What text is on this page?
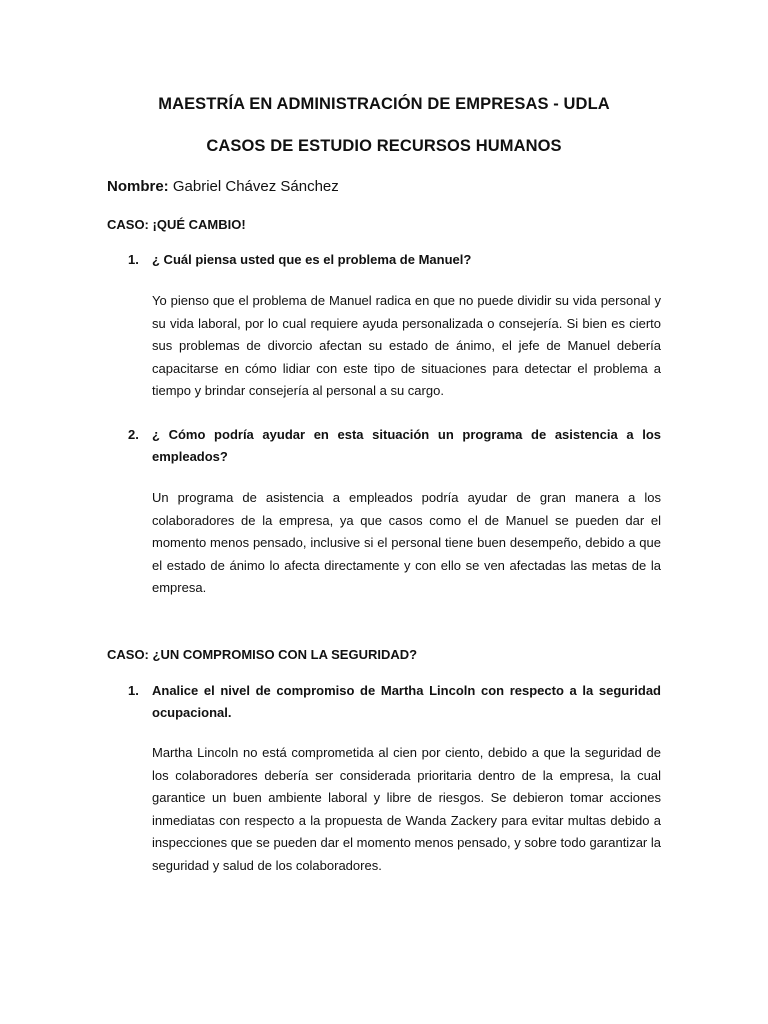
MAESTRÍA EN ADMINISTRACIÓN DE EMPRESAS - UDLA
CASOS DE ESTUDIO RECURSOS HUMANOS
Nombre: Gabriel Chávez Sánchez
CASO: ¡QUÉ CAMBIO!
1. ¿ Cuál piensa usted que es el problema de Manuel?
Yo pienso que el problema de Manuel radica en que no puede dividir su vida personal y su vida laboral, por lo cual requiere ayuda personalizada o consejería. Si bien es cierto sus problemas de divorcio afectan su estado de ánimo, el jefe de Manuel debería capacitarse en cómo lidiar con este tipo de situaciones para detectar el problema a tiempo y brindar consejería al personal a su cargo.
2. ¿ Cómo podría ayudar en esta situación un programa de asistencia a los empleados?
Un programa de asistencia a empleados podría ayudar de gran manera a los colaboradores de la empresa, ya que casos como el de Manuel se pueden dar el momento menos pensado, inclusive si el personal tiene buen desempeño, debido a que el estado de ánimo lo afecta directamente y con ello se ven afectadas las metas de la empresa.
CASO: ¿UN COMPROMISO CON LA SEGURIDAD?
1. Analice el nivel de compromiso de Martha Lincoln con respecto a la seguridad ocupacional.
Martha Lincoln no está comprometida al cien por ciento, debido a que la seguridad de los colaboradores debería ser considerada prioritaria dentro de la empresa, la cual garantice un buen ambiente laboral y libre de riesgos. Se debieron tomar acciones inmediatas con respecto a la propuesta de Wanda Zackery para evitar multas debido a inspecciones que se pueden dar el momento menos pensado, y sobre todo garantizar la seguridad y salud de los colaboradores.
